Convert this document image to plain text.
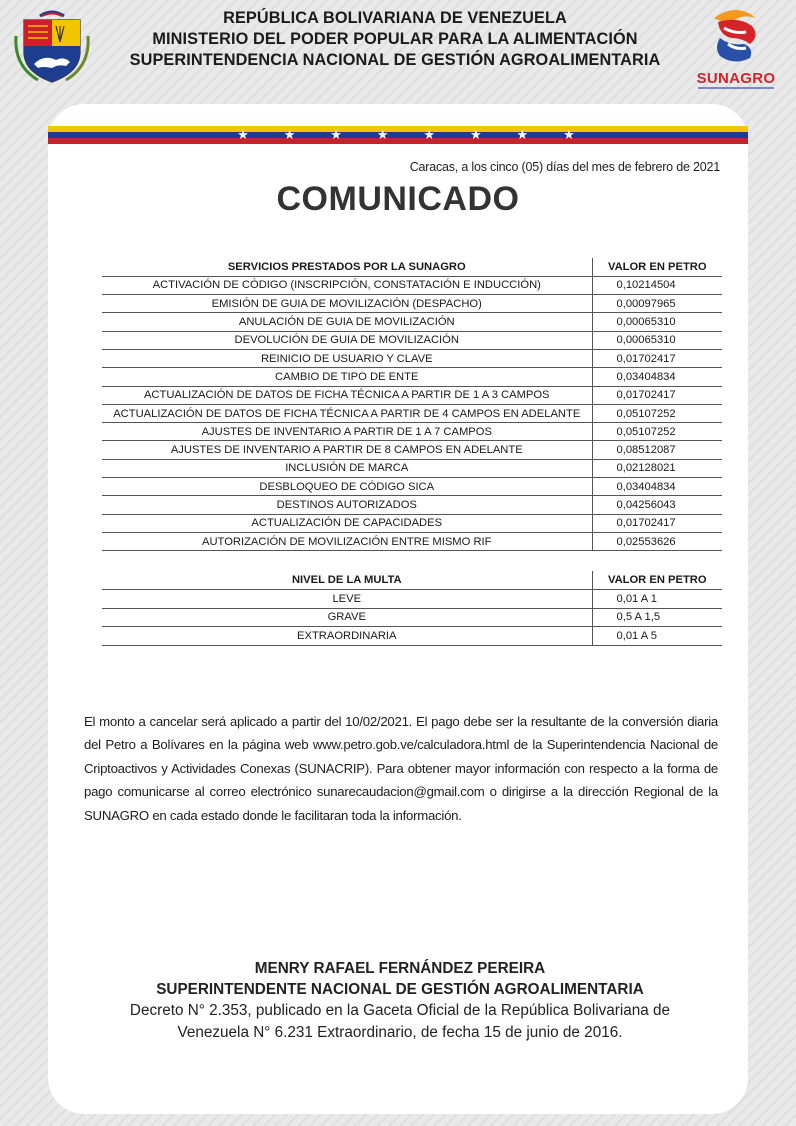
REPÚBLICA BOLIVARIANA DE VENEZUELA
MINISTERIO DEL PODER POPULAR PARA LA ALIMENTACIÓN
SUPERINTENDENCIA NACIONAL DE GESTIÓN AGROALIMENTARIA
SUNAGRO
★	★	★	★	★	★	★	★
Caracas, a los cinco (05) días del mes de febrero de 2021
COMUNICADO
SERVICIOS PRESTADOS POR LA SUNAGRO	VALOR EN PETRO
ACTIVACIÓN DE CÓDIGO (INSCRIPCIÓN, CONSTATACIÓN E INDUCCIÓN)	0,10214504
EMISIÓN DE GUIA DE MOVILIZACIÓN (DESPACHO)	0,00097965
ANULACIÓN DE GUIA DE MOVILIZACIÓN	0,00065310
DEVOLUCIÓN DE GUIA DE MOVILIZACIÓN	0,00065310
REINICIO DE USUARIO Y CLAVE	0,01702417
CAMBIO DE TIPO DE ENTE	0,03404834
ACTUALIZACIÓN DE DATOS DE FICHA TÉCNICA A PARTIR DE 1 A 3 CAMPOS	0,01702417
ACTUALIZACIÓN DE DATOS DE FICHA TÉCNICA A PARTIR DE 4 CAMPOS EN ADELANTE	0,05107252
AJUSTES DE INVENTARIO A PARTIR DE 1 A 7 CAMPOS	0,05107252
AJUSTES DE INVENTARIO A PARTIR DE 8 CAMPOS EN ADELANTE	0,08512087
INCLUSIÓN DE MARCA	0,02128021
DESBLOQUEO DE CÓDIGO SICA	0,03404834
DESTINOS AUTORIZADOS	0,04256043
ACTUALIZACIÓN DE CAPACIDADES	0,01702417
AUTORIZACIÓN DE MOVILIZACIÓN ENTRE MISMO RIF	0,02553626
NIVEL DE LA MULTA	VALOR EN PETRO
LEVE	0,01 A 1
GRAVE	0,5 A 1,5
EXTRAORDINARIA	0,01 A 5

El monto a cancelar será aplicado a partir del 10/02/2021. El pago debe ser la resultante de la conversión diaria del Petro a Bolívares en la página web www.petro.gob.ve/calculadora.html de la Superintendencia Nacional de Criptoactivos y Actividades Conexas (SUNACRIP). Para obtener mayor información con respecto a la forma de pago comunicarse al correo electrónico sunarecaudacion@gmail.com o dirigirse a la dirección Regional de la SUNAGRO en cada estado donde le facilitaran toda la información.

MENRY RAFAEL FERNÁNDEZ PEREIRA
SUPERINTENDENTE NACIONAL DE GESTIÓN AGROALIMENTARIA
Decreto N° 2.353, publicado en la Gaceta Oficial de la República Bolivariana de
Venezuela N° 6.231 Extraordinario, de fecha 15 de junio de 2016.
